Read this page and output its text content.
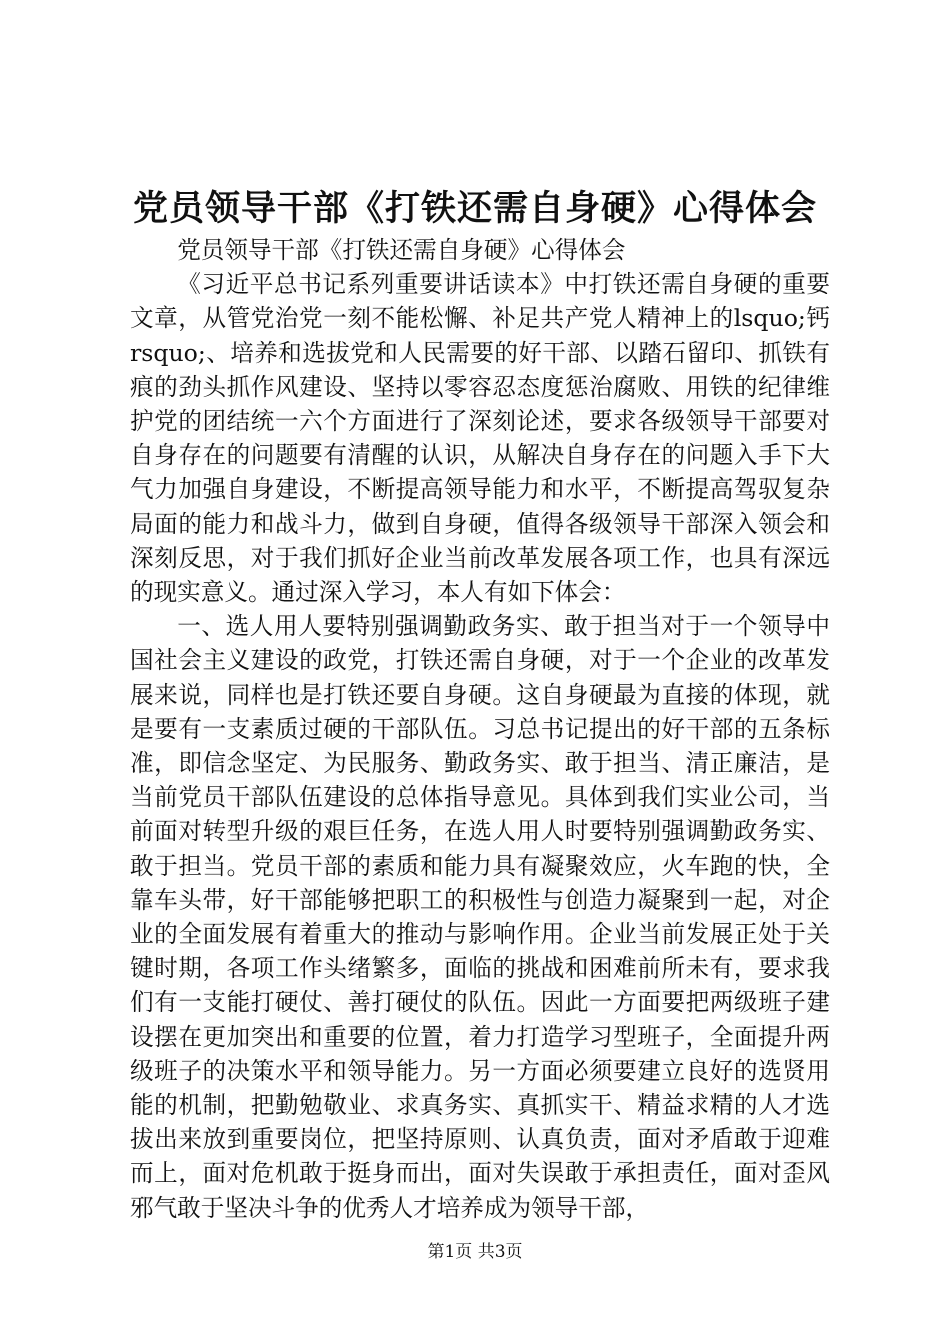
党员领导干部《打铁还需自身硬》心得体会

党员领导干部《打铁还需自身硬》心得体会

《习近平总书记系列重要讲话读本》中打铁还需自身硬的重要文章，从管党治党一刻不能松懈、补足共产党人精神上的lsquo;钙rsquo;、培养和选拔党和人民需要的好干部、以踏石留印、抓铁有痕的劲头抓作风建设、坚持以零容忍态度惩治腐败、用铁的纪律维护党的团结统一六个方面进行了深刻论述，要求各级领导干部要对自身存在的问题要有清醒的认识，从解决自身存在的问题入手下大气力加强自身建设，不断提高领导能力和水平，不断提高驾驭复杂局面的能力和战斗力，做到自身硬，值得各级领导干部深入领会和深刻反思，对于我们抓好企业当前改革发展各项工作，也具有深远的现实意义。通过深入学习，本人有如下体会：

一、选人用人要特别强调勤政务实、敢于担当对于一个领导中国社会主义建设的政党，打铁还需自身硬，对于一个企业的改革发展来说，同样也是打铁还要自身硬。这自身硬最为直接的体现，就是要有一支素质过硬的干部队伍。习总书记提出的好干部的五条标准，即信念坚定、为民服务、勤政务实、敢于担当、清正廉洁，是当前党员干部队伍建设的总体指导意见。具体到我们实业公司，当前面对转型升级的艰巨任务，在选人用人时要特别强调勤政务实、敢于担当。党员干部的素质和能力具有凝聚效应，火车跑的快，全靠车头带，好干部能够把职工的积极性与创造力凝聚到一起，对企业的全面发展有着重大的推动与影响作用。企业当前发展正处于关键时期，各项工作头绪繁多，面临的挑战和困难前所未有，要求我们有一支能打硬仗、善打硬仗的队伍。因此一方面要把两级班子建设摆在更加突出和重要的位置，着力打造学习型班子，全面提升两级班子的决策水平和领导能力。另一方面必须要建立良好的选贤用能的机制，把勤勉敬业、求真务实、真抓实干、精益求精的人才选拔出来放到重要岗位，把坚持原则、认真负责，面对矛盾敢于迎难而上，面对危机敢于挺身而出，面对失误敢于承担责任，面对歪风邪气敢于坚决斗争的优秀人才培养成为领导干部，

第1页 共3页
